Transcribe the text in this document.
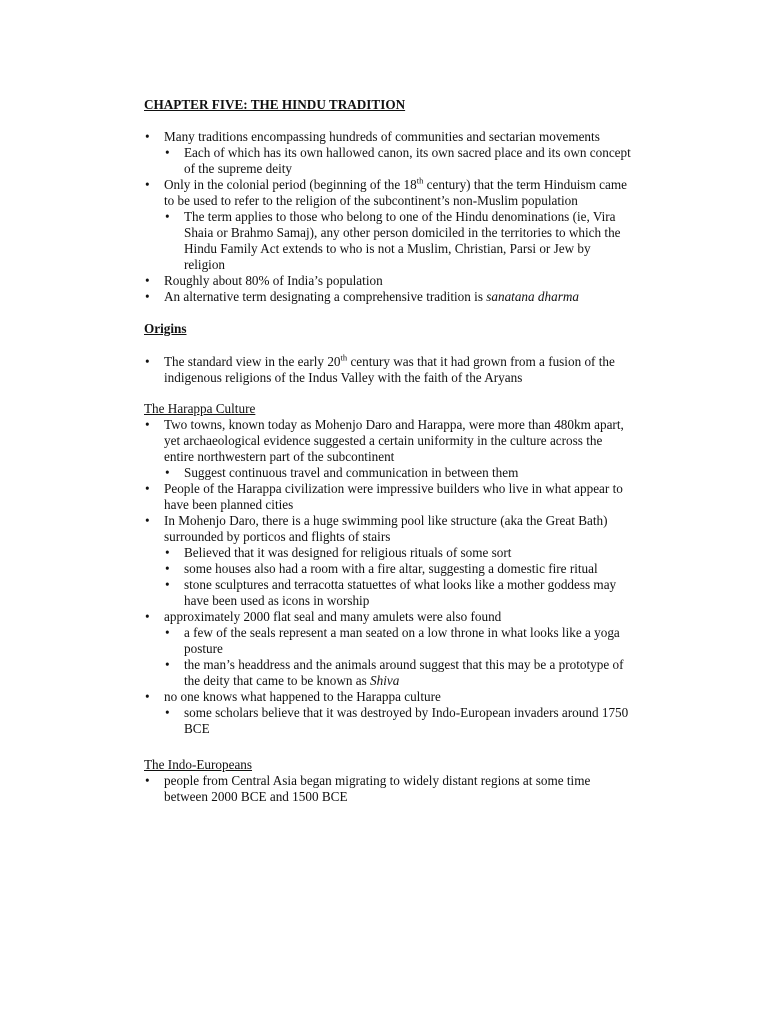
CHAPTER FIVE: THE HINDU TRADITION
• Many traditions encompassing hundreds of communities and sectarian movements
• Each of which has its own hallowed canon, its own sacred place and its own concept of the supreme deity
• Only in the colonial period (beginning of the 18th century) that the term Hinduism came to be used to refer to the religion of the subcontinent’s non-Muslim population
• The term applies to those who belong to one of the Hindu denominations (ie, Vira Shaia or Brahmo Samaj), any other person domiciled in the territories to which the Hindu Family Act extends to who is not a Muslim, Christian, Parsi or Jew by religion
• Roughly about 80% of India’s population
• An alternative term designating a comprehensive tradition is sanatana dharma
Origins
• The standard view in the early 20th century was that it had grown from a fusion of the indigenous religions of the Indus Valley with the faith of the Aryans
The Harappa Culture
• Two towns, known today as Mohenjo Daro and Harappa, were more than 480km apart, yet archaeological evidence suggested a certain uniformity in the culture across the entire northwestern part of the subcontinent
• Suggest continuous travel and communication in between them
• People of the Harappa civilization were impressive builders who live in what appear to have been planned cities
• In Mohenjo Daro, there is a huge swimming pool like structure (aka the Great Bath) surrounded by porticos and flights of stairs
• Believed that it was designed for religious rituals of some sort
• some houses also had a room with a fire altar, suggesting a domestic fire ritual
• stone sculptures and terracotta statuettes of what looks like a mother goddess may have been used as icons in worship
• approximately 2000 flat seal and many amulets were also found
• a few of the seals represent a man seated on a low throne in what looks like a yoga posture
• the man’s headdress and the animals around suggest that this may be a prototype of the deity that came to be known as Shiva
• no one knows what happened to the Harappa culture
• some scholars believe that it was destroyed by Indo-European invaders around 1750 BCE
The Indo-Europeans
• people from Central Asia began migrating to widely distant regions at some time between 2000 BCE and 1500 BCE
